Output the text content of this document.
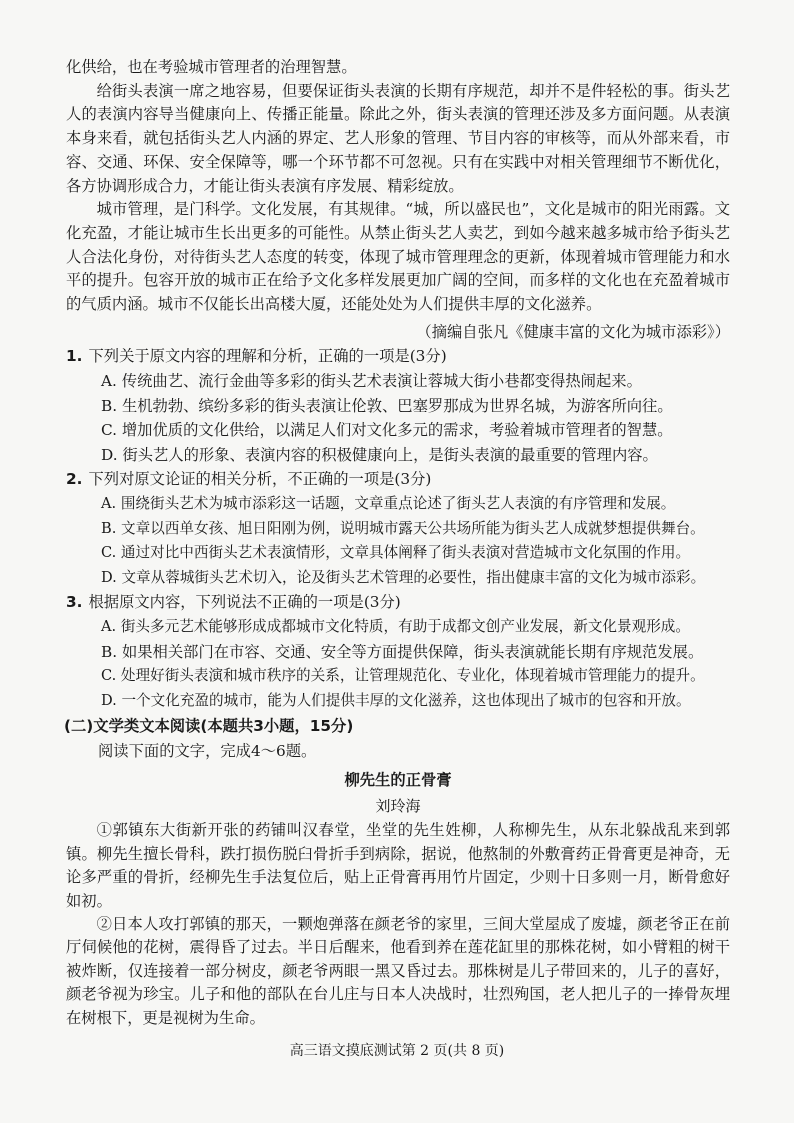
化供给，也在考验城市管理者的治理智慧。

给街头表演一席之地容易，但要保证街头表演的长期有序规范，却并不是件轻松的事。街头艺人的表演内容导当健康向上、传播正能量。除此之外，街头表演的管理还涉及多方面问题。从表演本身来看，就包括街头艺人内涵的界定、艺人形象的管理、节目内容的审核等，而从外部来看，市容、交通、环保、安全保障等，哪一个环节都不可忽视。只有在实践中对相关管理细节不断优化，各方协调形成合力，才能让街头表演有序发展、精彩绽放。

城市管理，是门科学。文化发展，有其规律。“城，所以盛民也”，文化是城市的阳光雨露。文化充盈，才能让城市生长出更多的可能性。从禁止街头艺人卖艺，到如今越来越多城市给予街头艺人合法化身份，对待街头艺人态度的转变，体现了城市管理理念的更新，体现着城市管理能力和水平的提升。包容开放的城市正在给予文化多样发展更加广阔的空间，而多样的文化也在充盈着城市的气质内涵。城市不仅能长出高楼大厦，还能处处为人们提供丰厚的文化滋养。

（摘编自张凡《健康丰富的文化为城市添彩》）

1. 下列关于原文内容的理解和分析，正确的一项是(3分)
A. 传统曲艺、流行金曲等多彩的街头艺术表演让蓉城大街小巷都变得热闹起来。
B. 生机勃勃、缤纷多彩的街头表演让伦敦、巴塞罗那成为世界名城，为游客所向往。
C. 增加优质的文化供给，以满足人们对文化多元的需求，考验着城市管理者的智慧。
D. 街头艺人的形象、表演内容的积极健康向上，是街头表演的最重要的管理内容。
2. 下列对原文论证的相关分析，不正确的一项是(3分)
A. 围绕街头艺术为城市添彩这一话题，文章重点论述了街头艺人表演的有序管理和发展。
B. 文章以西单女孩、旭日阳刚为例，说明城市露天公共场所能为街头艺人成就梦想提供舞台。
C. 通过对比中西街头艺术表演情形，文章具体阐释了街头表演对营造城市文化氛围的作用。
D. 文章从蓉城街头艺术切入，论及街头艺术管理的必要性，指出健康丰富的文化为城市添彩。
3. 根据原文内容，下列说法不正确的一项是(3分)
A. 街头多元艺术能够形成成都城市文化特质，有助于成都文创产业发展，新文化景观形成。
B. 如果相关部门在市容、交通、安全等方面提供保障，街头表演就能长期有序规范发展。
C. 处理好街头表演和城市秩序的关系，让管理规范化、专业化，体现着城市管理能力的提升。
D. 一个文化充盈的城市，能为人们提供丰厚的文化滋养，这也体现出了城市的包容和开放。
(二)文学类文本阅读(本题共3小题，15分)

阅读下面的文字，完成4～6题。

柳先生的正骨膏
刘玲海

①郭镇东大街新开张的药铺叫汉春堂，坐堂的先生姓柳，人称柳先生，从东北躲战乱来到郭镇。柳先生擅长骨科，跌打损伤脱臼骨折手到病除，据说，他熬制的外敷膏药正骨膏更是神奇，无论多严重的骨折，经柳先生手法复位后，贴上正骨膏再用竹片固定，少则十日多则一月，断骨愈好如初。

②日本人攻打郭镇的那天，一颗炮弹落在颜老爷的家里，三间大堂屋成了废墟，颜老爷正在前厅伺候他的花树，震得昏了过去。半日后醒来，他看到养在莲花缸里的那株花树，如小臂粗的树干被炸断，仅连接着一部分树皮，颜老爷两眼一黑又昏过去。那株树是儿子带回来的，儿子的喜好，颜老爷视为珍宝。儿子和他的部队在台儿庄与日本人决战时，壮烈殉国，老人把儿子的一捧骨灰埋在树根下，更是视树为生命。

高三语文摸底测试第 2 页(共 8 页)
